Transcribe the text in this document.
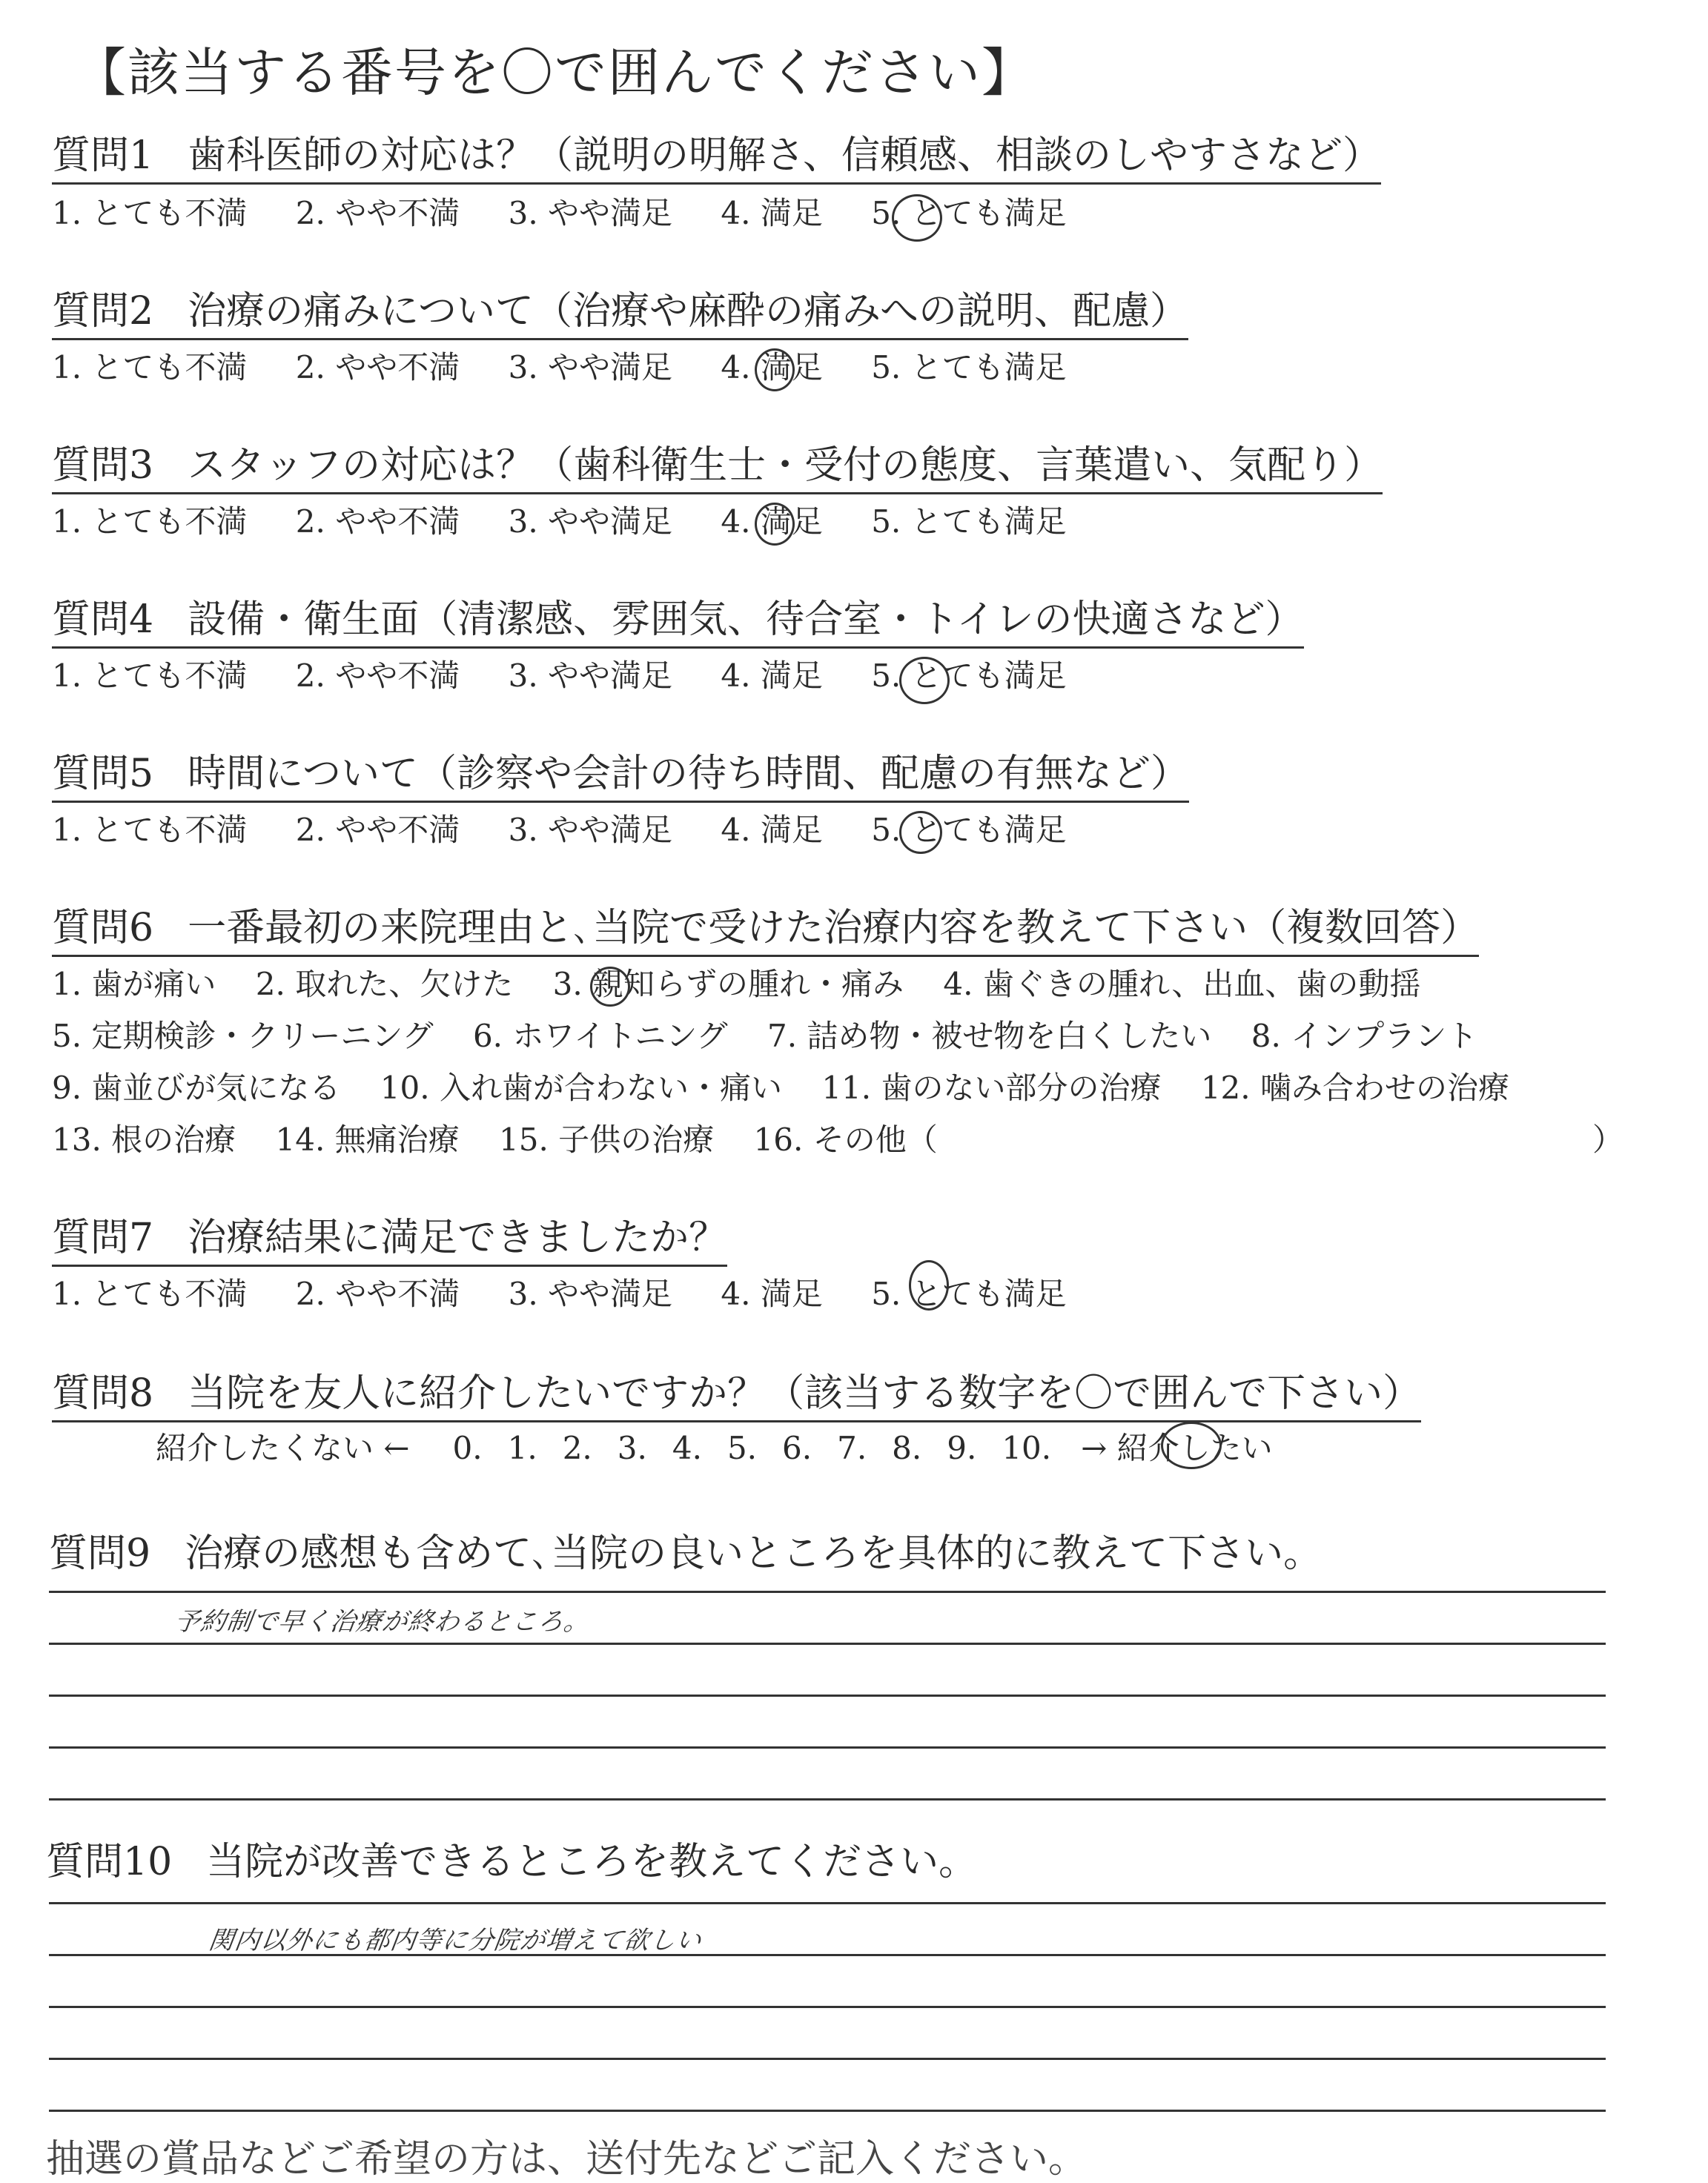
【該当する番号を〇で囲んでください】
質問1 歯科医師の対応は？（説明の明解さ、信頼感、相談のしやすさなど）
1. とても不満 2. やや不満 3. やや満足 4. 満足 5. とても満足
質問2 治療の痛みについて（治療や麻酔の痛みへの説明、配慮）
1. とても不満 2. やや不満 3. やや満足 4. 満足 5. とても満足
質問3 スタッフの対応は？（歯科衛生士・受付の態度、言葉遣い、気配り）
1. とても不満 2. やや不満 3. やや満足 4. 満足 5. とても満足
質問4 設備・衛生面（清潔感、雰囲気、待合室・トイレの快適さなど）
1. とても不満 2. やや不満 3. やや満足 4. 満足 5. とても満足
質問5 時間について（診察や会計の待ち時間、配慮の有無など）
1. とても不満 2. やや不満 3. やや満足 4. 満足 5. とても満足
質問6 一番最初の来院理由と､当院で受けた治療内容を教えて下さい（複数回答）
1. 歯が痛い 2. 取れた、欠けた 3. 親知らずの腫れ・痛み 4. 歯ぐきの腫れ、出血、歯の動揺
5. 定期検診・クリーニング 6. ホワイトニング 7. 詰め物・被せ物を白くしたい 8. インプラント
9. 歯並びが気になる 10. 入れ歯が合わない・痛い 11. 歯のない部分の治療 12. 噛み合わせの治療
13. 根の治療 14. 無痛治療 15. 子供の治療 16. その他（	）
質問7 治療結果に満足できましたか？
1. とても不満 2. やや不満 3. やや満足 4. 満足 5. とても満足
質問8 当院を友人に紹介したいですか？（該当する数字を〇で囲んで下さい）
紹介したくない ← 0. 1. 2. 3. 4. 5. 6. 7. 8. 9. 10. → 紹介したい
質問9 治療の感想も含めて､当院の良いところを具体的に教えて下さい。
予約制で早く治療が終わるところ。
質問10 当院が改善できるところを教えてください。
関内以外にも都内等に分院が増えて欲しい
抽選の賞品などご希望の方は、送付先などご記入ください。
